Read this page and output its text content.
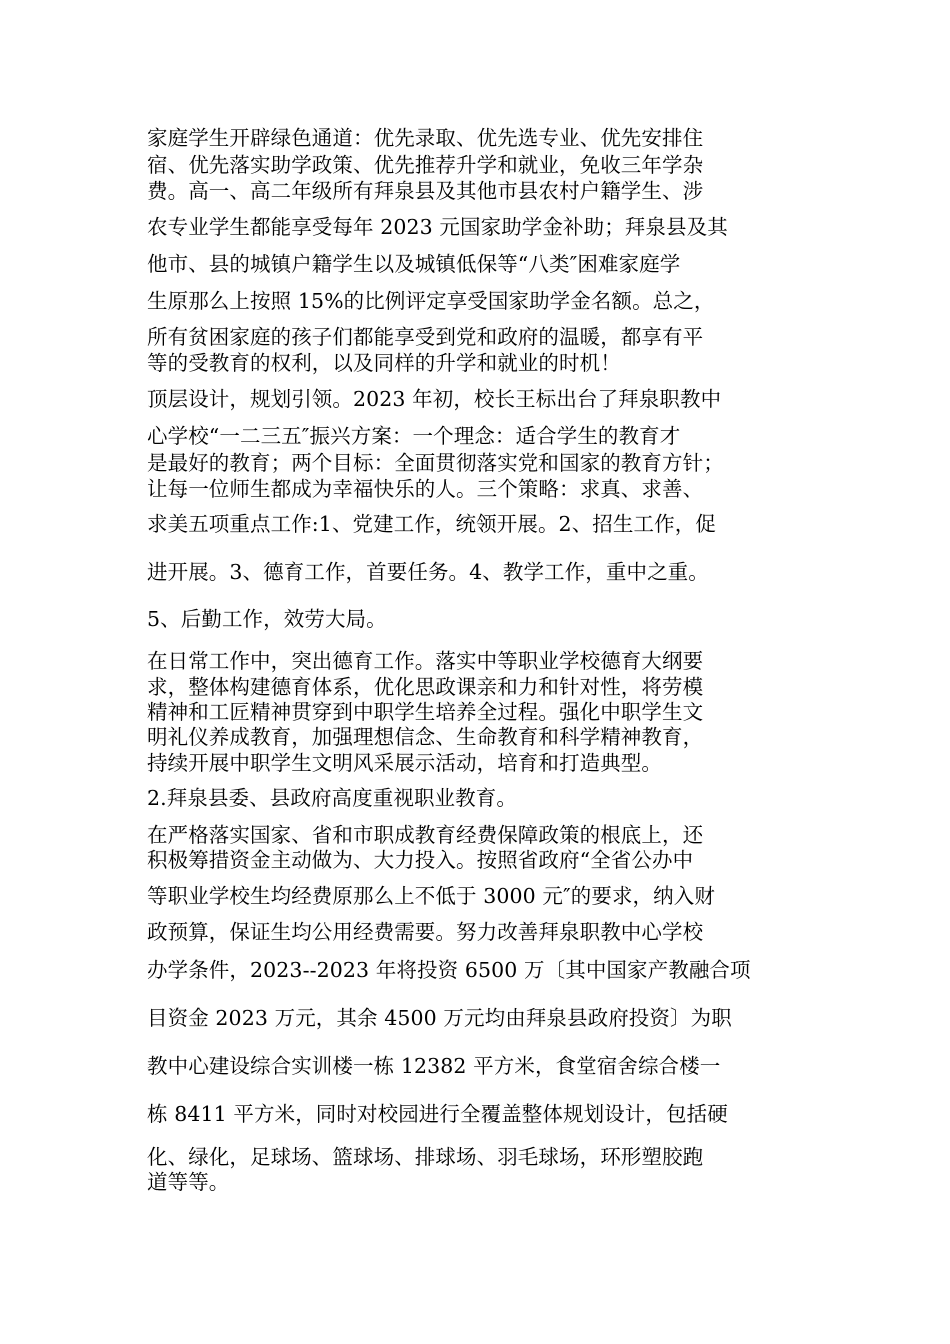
家庭学生开辟绿色通道：优先录取、优先选专业、优先安排住
宿、优先落实助学政策、优先推荐升学和就业，免收三年学杂
费。高一、高二年级所有拜泉县及其他市县农村户籍学生、涉
农专业学生都能享受每年 2023 元国家助学金补助；拜泉县及其
他市、县的城镇户籍学生以及城镇低保等“八类″困难家庭学
生原那么上按照 15%的比例评定享受国家助学金名额。总之，
所有贫困家庭的孩子们都能享受到党和政府的温暖，都享有平
等的受教育的权利，以及同样的升学和就业的时机！
顶层设计，规划引领。2023 年初，校长王标出台了拜泉职教中
心学校“一二三五″振兴方案：一个理念：适合学生的教育才
是最好的教育；两个目标：全面贯彻落实党和国家的教育方针；
让每一位师生都成为幸福快乐的人。三个策略：求真、求善、
求美五项重点工作:1、党建工作，统领开展。2、招生工作，促
进开展。3、德育工作，首要任务。4、教学工作，重中之重。
5、后勤工作，效劳大局。
在日常工作中，突出德育工作。落实中等职业学校德育大纲要
求，整体构建德育体系，优化思政课亲和力和针对性，将劳模
精神和工匠精神贯穿到中职学生培养全过程。强化中职学生文
明礼仪养成教育，加强理想信念、生命教育和科学精神教育，
持续开展中职学生文明风采展示活动，培育和打造典型。
2.拜泉县委、县政府高度重视职业教育。
在严格落实国家、省和市职成教育经费保障政策的根底上，还
积极筹措资金主动做为、大力投入。按照省政府“全省公办中
等职业学校生均经费原那么上不低于 3000 元″的要求，纳入财
政预算，保证生均公用经费需要。努力改善拜泉职教中心学校
办学条件，2023--2023 年将投资 6500 万〔其中国家产教融合项
目资金 2023 万元，其余 4500 万元均由拜泉县政府投资〕为职
教中心建设综合实训楼一栋 12382 平方米，食堂宿舍综合楼一
栋 8411 平方米，同时对校园进行全覆盖整体规划设计，包括硬
化、绿化，足球场、篮球场、排球场、羽毛球场，环形塑胶跑
道等等。
